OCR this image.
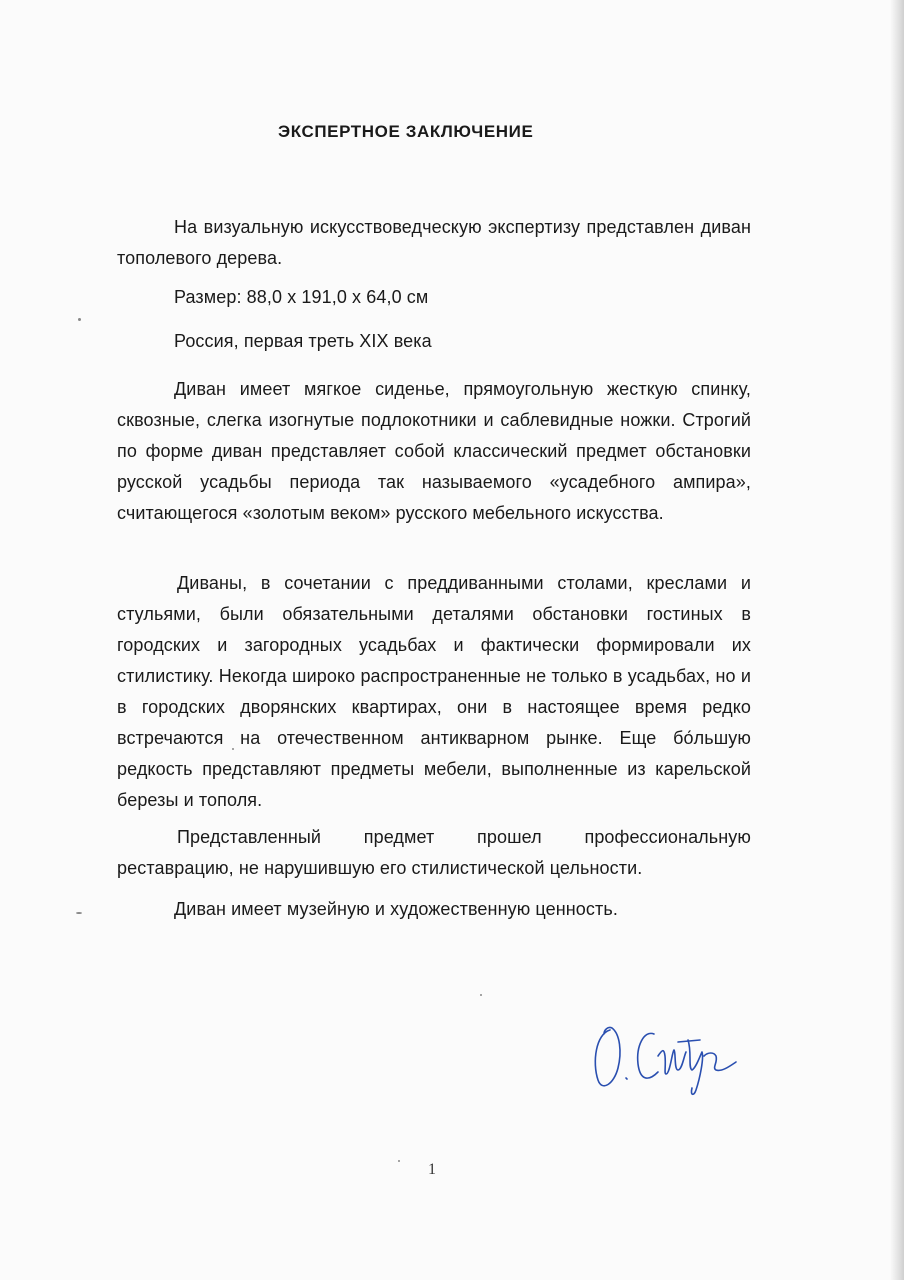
ЭКСПЕРТНОЕ ЗАКЛЮЧЕНИЕ

На визуальную искусствоведческую экспертизу представлен диван тополевого дерева.

Размер: 88,0 х 191,0 х 64,0 см

Россия, первая треть XIX века

Диван имеет мягкое сиденье, прямоугольную жесткую спинку, сквозные, слегка изогнутые подлокотники и саблевидные ножки. Строгий по форме диван представляет собой классический предмет обстановки русской усадьбы периода так называемого «усадебного ампира», считающегося «золотым веком» русского мебельного искусства.

Диваны, в сочетании с преддиванными столами, креслами и стульями, были обязательными деталями обстановки гостиных в городских и загородных усадьбах и фактически формировали их стилистику. Некогда широко распространенные не только в усадьбах, но и в городских дворянских квартирах, они в настоящее время редко встречаются на отечественном антикварном рынке. Еще бо́льшую редкость представляют предметы мебели, выполненные из карельской березы и тополя.

Представленный предмет прошел профессиональную реставрацию, не нарушившую его стилистической цельности.

Диван имеет музейную и художественную ценность.

1
